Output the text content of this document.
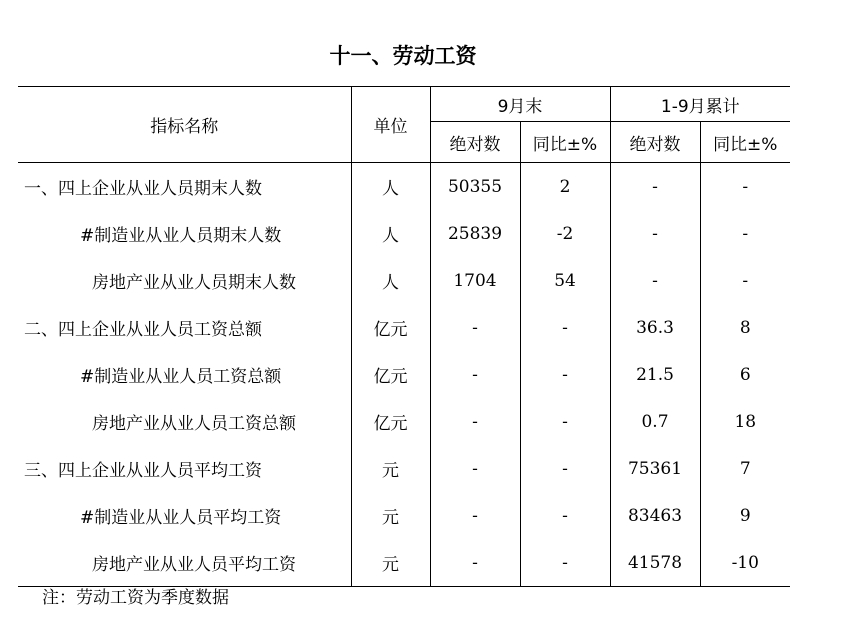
十一、劳动工资
指标名称	单位	9月末		1-9月累计	
		绝对数	同比±%	绝对数	同比±%
一、四上企业从业人员期末人数	人	50355	2	-	-
#制造业从业人员期末人数	人	25839	-2	-	-
房地产业从业人员期末人数	人	1704	54	-	-
二、四上企业从业人员工资总额	亿元	-	-	36.3	8
#制造业从业人员工资总额	亿元	-	-	21.5	6
房地产业从业人员工资总额	亿元	-	-	0.7	18
三、四上企业从业人员平均工资	元	-	-	75361	7
#制造业从业人员平均工资	元	-	-	83463	9
房地产业从业人员平均工资	元	-	-	41578	-10
注：劳动工资为季度数据
